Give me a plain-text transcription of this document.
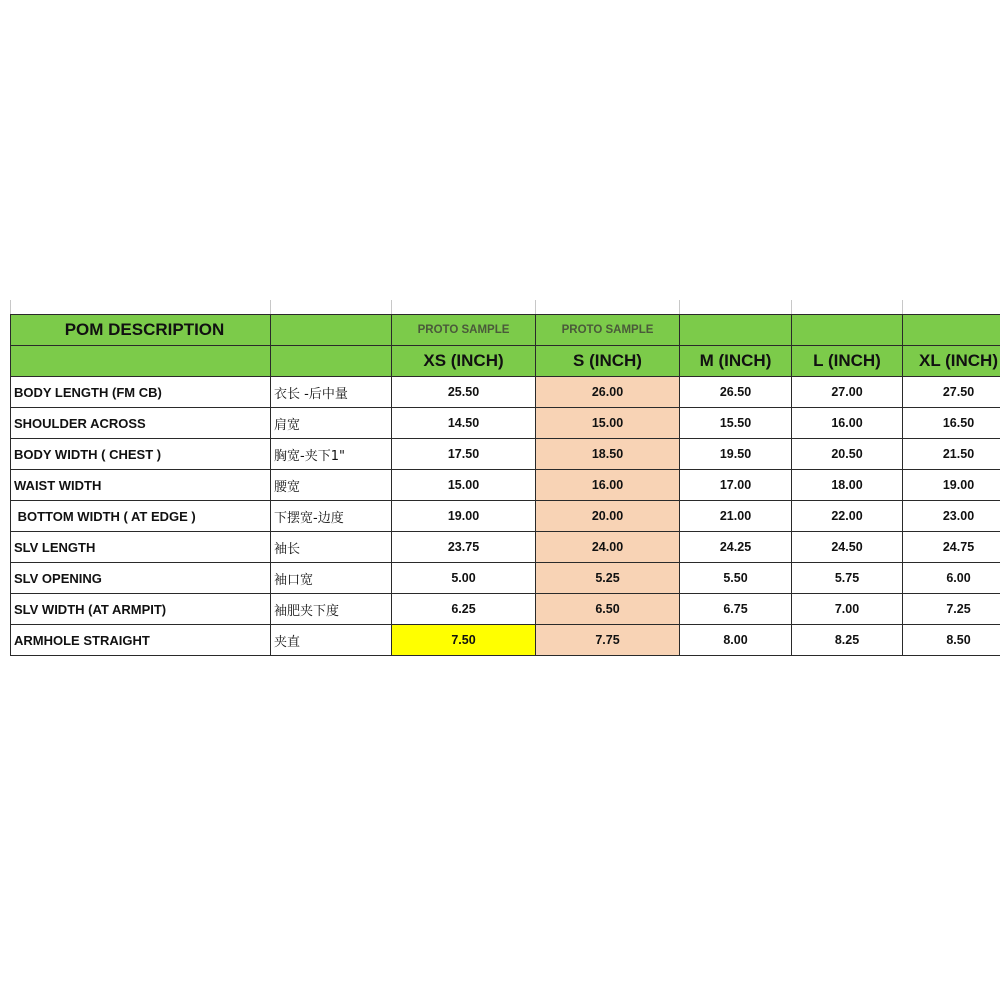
POM DESCRIPTION		PROTO SAMPLE	PROTO SAMPLE			
		XS (INCH)	S (INCH)	M (INCH)	L (INCH)	XL (INCH)
BODY LENGTH (FM CB)	衣长 -后中量	25.50	26.00	26.50	27.00	27.50
SHOULDER ACROSS	肩宽	14.50	15.00	15.50	16.00	16.50
BODY WIDTH ( CHEST )	胸宽-夹下1"	17.50	18.50	19.50	20.50	21.50
WAIST WIDTH	腰宽	15.00	16.00	17.00	18.00	19.00
BOTTOM WIDTH ( AT EDGE )	下摆宽-边度	19.00	20.00	21.00	22.00	23.00
SLV LENGTH	袖长	23.75	24.00	24.25	24.50	24.75
SLV OPENING	袖口宽	5.00	5.25	5.50	5.75	6.00
SLV WIDTH (AT ARMPIT)	袖肥夹下度	6.25	6.50	6.75	7.00	7.25
ARMHOLE STRAIGHT	夹直	7.50	7.75	8.00	8.25	8.50
